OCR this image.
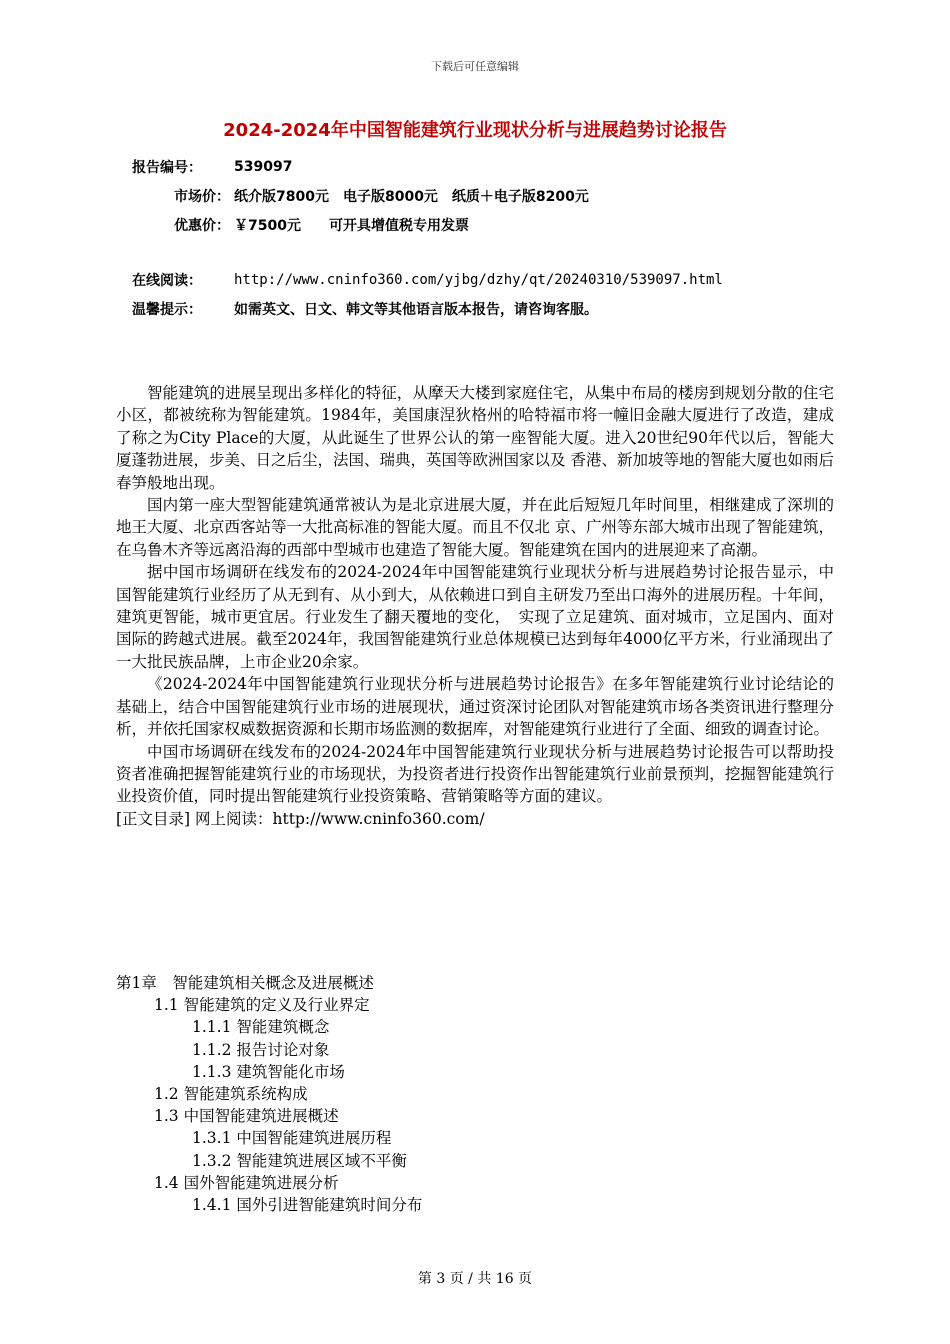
下载后可任意编辑
2024-2024年中国智能建筑行业现状分析与进展趋势讨论报告
报告编号：	539097
市场价： 纸介版7800元　电子版8000元　纸质＋电子版8200元
优惠价： ￥7500元　　可开具增值税专用发票
在线阅读：	http://www.cninfo360.com/yjbg/dzhy/qt/20240310/539097.html
温馨提示：	如需英文、日文、韩文等其他语言版本报告，请咨询客服。

智能建筑的进展呈现出多样化的特征，从摩天大楼到家庭住宅，从集中布局的楼房到规划分散的住宅小区，都被统称为智能建筑。1984年，美国康涅狄格州的哈特福市将一幢旧金融大厦进行了改造，建成了称之为City Place的大厦，从此诞生了世界公认的第一座智能大厦。进入20世纪90年代以后，智能大厦蓬勃进展，步美、日之后尘，法国、瑞典，英国等欧洲国家以及 香港、新加坡等地的智能大厦也如雨后春笋般地出现。

国内第一座大型智能建筑通常被认为是北京进展大厦，并在此后短短几年时间里，相继建成了深圳的地王大厦、北京西客站等一大批高标准的智能大厦。而且不仅北 京、广州等东部大城市出现了智能建筑，在乌鲁木齐等远离沿海的西部中型城市也建造了智能大厦。智能建筑在国内的进展迎来了高潮。

据中国市场调研在线发布的2024-2024年中国智能建筑行业现状分析与进展趋势讨论报告显示，中国智能建筑行业经历了从无到有、从小到大，从依赖进口到自主研发乃至出口海外的进展历程。十年间，建筑更智能，城市更宜居。行业发生了翻天覆地的变化，　实现了立足建筑、面对城市，立足国内、面对国际的跨越式进展。截至2024年，我国智能建筑行业总体规模已达到每年4000亿平方米，行业涌现出了一大批民族品牌，上市企业20余家。

《2024-2024年中国智能建筑行业现状分析与进展趋势讨论报告》在多年智能建筑行业讨论结论的基础上，结合中国智能建筑行业市场的进展现状，通过资深讨论团队对智能建筑市场各类资讯进行整理分析，并依托国家权威数据资源和长期市场监测的数据库，对智能建筑行业进行了全面、细致的调查讨论。

中国市场调研在线发布的2024-2024年中国智能建筑行业现状分析与进展趋势讨论报告可以帮助投资者准确把握智能建筑行业的市场现状，为投资者进行投资作出智能建筑行业前景预判，挖掘智能建筑行业投资价值，同时提出智能建筑行业投资策略、营销策略等方面的建议。

[正文目录] 网上阅读：http://www.cninfo360.com/

第1章　智能建筑相关概念及进展概述
1.1 智能建筑的定义及行业界定
1.1.1 智能建筑概念
1.1.2 报告讨论对象
1.1.3 建筑智能化市场
1.2 智能建筑系统构成
1.3 中国智能建筑进展概述
1.3.1 中国智能建筑进展历程
1.3.2 智能建筑进展区域不平衡
1.4 国外智能建筑进展分析
1.4.1 国外引进智能建筑时间分布
第 3 页 / 共 16 页
